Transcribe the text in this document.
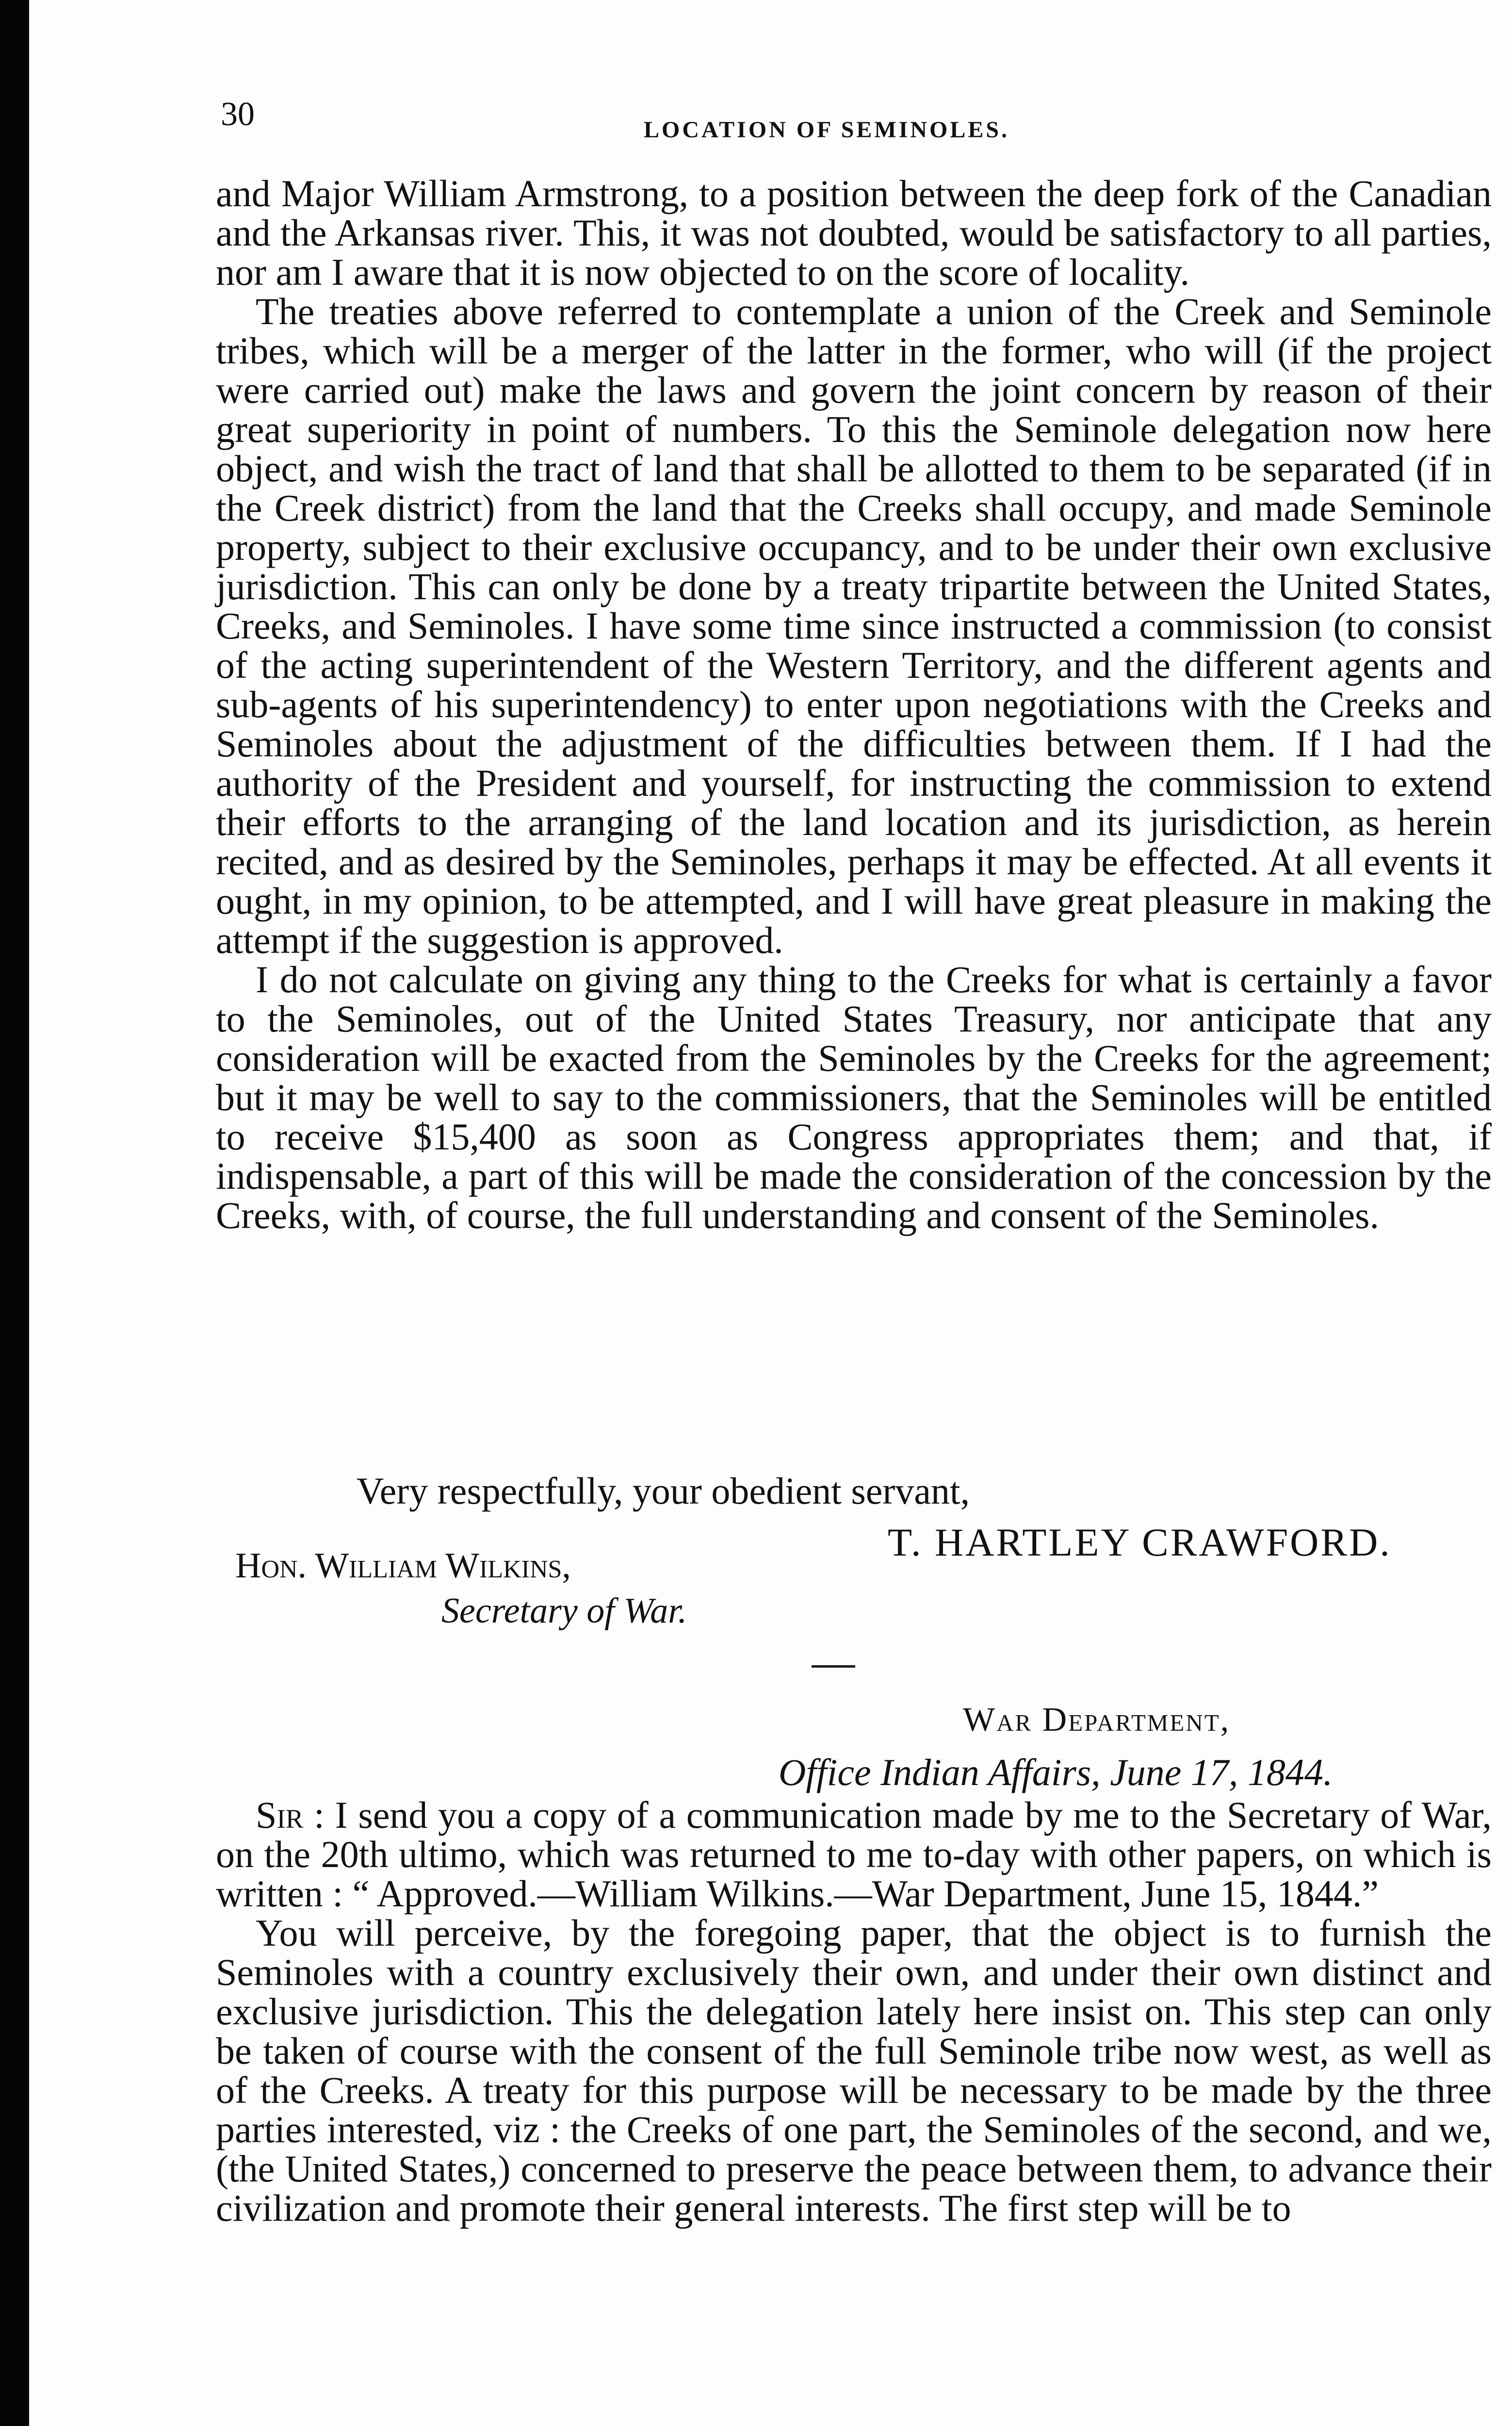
30	LOCATION OF SEMINOLES.

and Major William Armstrong, to a position between the deep fork of the Canadian and the Arkansas river. This, it was not doubted, would be satisfactory to all parties, nor am I aware that it is now objected to on the score of locality.

The treaties above referred to contemplate a union of the Creek and Seminole tribes, which will be a merger of the latter in the former, who will (if the project were carried out) make the laws and govern the joint concern by reason of their great superiority in point of numbers. To this the Seminole delegation now here object, and wish the tract of land that shall be allotted to them to be separated (if in the Creek district) from the land that the Creeks shall occupy, and made Seminole property, subject to their exclusive occupancy, and to be under their own exclusive jurisdiction. This can only be done by a treaty tripartite between the United States, Creeks, and Seminoles. I have some time since instructed a commission (to consist of the acting superintendent of the Western Territory, and the different agents and sub-agents of his superintendency) to enter upon negotiations with the Creeks and Seminoles about the adjustment of the difficulties between them. If I had the authority of the President and yourself, for instructing the commission to extend their efforts to the arranging of the land location and its jurisdiction, as herein recited, and as desired by the Seminoles, perhaps it may be effected. At all events it ought, in my opinion, to be attempted, and I will have great pleasure in making the attempt if the suggestion is approved.

I do not calculate on giving any thing to the Creeks for what is certainly a favor to the Seminoles, out of the United States Treasury, nor anticipate that any consideration will be exacted from the Seminoles by the Creeks for the agreement; but it may be well to say to the commissioners, that the Seminoles will be entitled to receive $15,400 as soon as Congress appropriates them; and that, if indispensable, a part of this will be made the consideration of the concession by the Creeks, with, of course, the full understanding and consent of the Seminoles.

Very respectfully, your obedient servant,
T. HARTLEY CRAWFORD.
Hon. William Wilkins,
Secretary of War.
War Department,
Office Indian Affairs, June 17, 1844.

Sir : I send you a copy of a communication made by me to the Secretary of War, on the 20th ultimo, which was returned to me to-day with other papers, on which is written : “ Approved.—William Wilkins.—War Department, June 15, 1844.”

You will perceive, by the foregoing paper, that the object is to furnish the Seminoles with a country exclusively their own, and under their own distinct and exclusive jurisdiction. This the delegation lately here insist on. This step can only be taken of course with the consent of the full Seminole tribe now west, as well as of the Creeks. A treaty for this purpose will be necessary to be made by the three parties interested, viz : the Creeks of one part, the Seminoles of the second, and we, (the United States,) concerned to preserve the peace between them, to advance their civilization and promote their general interests. The first step will be to
